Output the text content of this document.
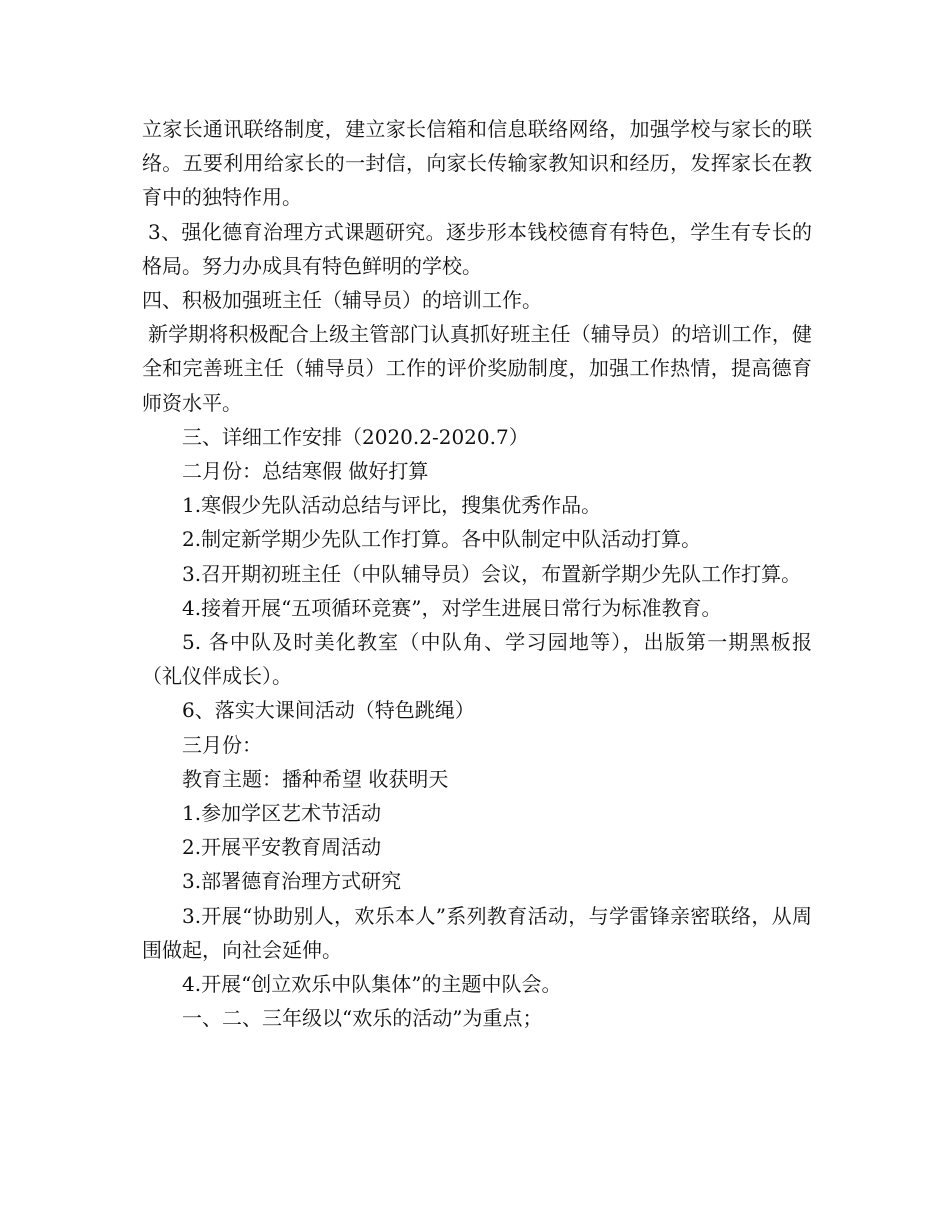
立家长通讯联络制度，建立家长信箱和信息联络网络，加强学校与家长的联络。五要利用给家长的一封信，向家长传输家教知识和经历，发挥家长在教育中的独特作用。

3、强化德育治理方式课题研究。逐步形本钱校德育有特色，学生有专长的格局。努力办成具有特色鲜明的学校。

四、积极加强班主任（辅导员）的培训工作。

新学期将积极配合上级主管部门认真抓好班主任（辅导员）的培训工作，健全和完善班主任（辅导员）工作的评价奖励制度，加强工作热情，提高德育师资水平。

三、详细工作安排（2020.2-2020.7）

二月份：总结寒假 做好打算

1.寒假少先队活动总结与评比，搜集优秀作品。

2.制定新学期少先队工作打算。各中队制定中队活动打算。

3.召开期初班主任（中队辅导员）会议，布置新学期少先队工作打算。

4.接着开展“五项循环竞赛”，对学生进展日常行为标准教育。

5. 各中队及时美化教室（中队角、学习园地等），出版第一期黑板报（礼仪伴成长）。

6、落实大课间活动（特色跳绳）

三月份：

教育主题：播种希望 收获明天

1.参加学区艺术节活动

2.开展平安教育周活动

3.部署德育治理方式研究

3.开展“协助别人，欢乐本人”系列教育活动，与学雷锋亲密联络，从周围做起，向社会延伸。

4.开展“创立欢乐中队集体”的主题中队会。

一、二、三年级以“欢乐的活动”为重点；
